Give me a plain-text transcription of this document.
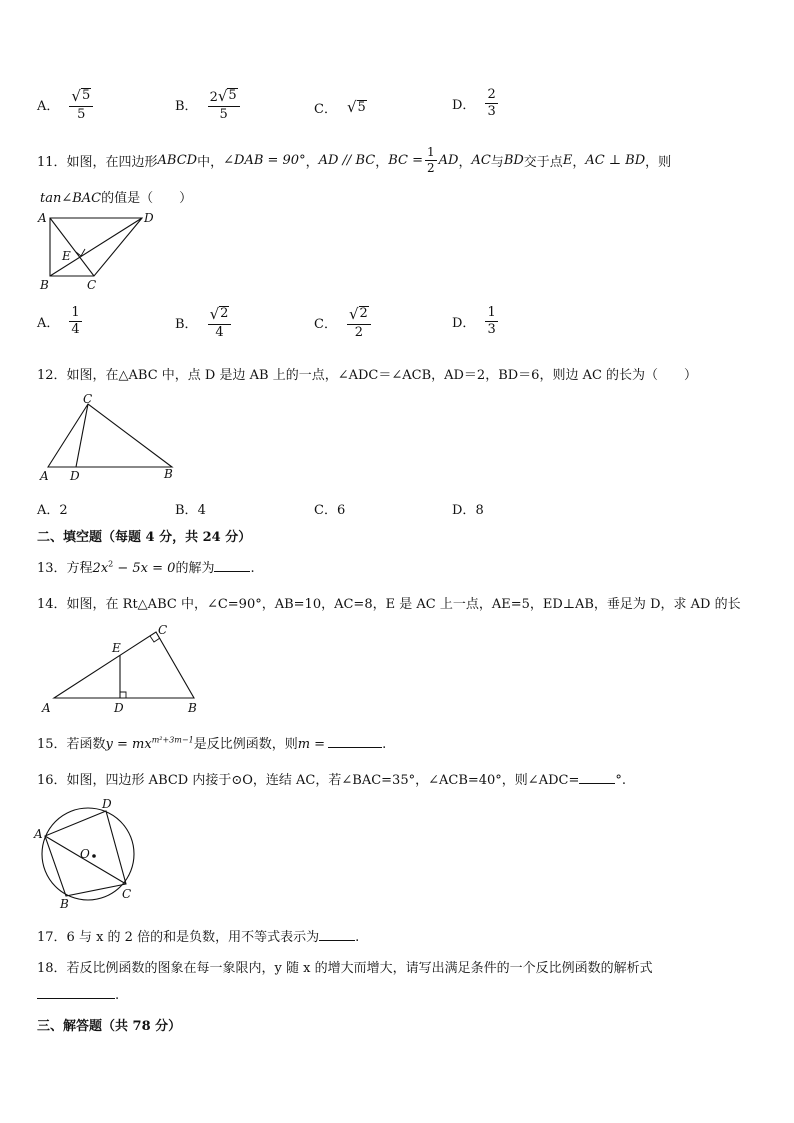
A． $\frac{√ 5}{5}$	B． $\frac{2 √ 5}{5}$	C． √ 5	D． $\frac{2}{3}$
11．如图，在四边形 ABCD 中， ∠DAB = 90° ， AD // BC ， BC = $\frac{1}{2}$ AD ， AC 与 BD 交于点 E ， AC ⊥ BD ，则
tan∠BAC的值是（　　）
A	D
E
B	C
A． $\frac{1}{4}$	B． $\frac{√ 2}{4}$	C． $\frac{√ 2}{2}$	D． $\frac{1}{3}$
12．如图，在△ABC 中，点 D 是边 AB 上的一点，∠ADC＝∠ACB，AD＝2，BD＝6，则边 AC 的长为（　　）
C
A D	B
A．2	B．4	C．6	D．8
二、填空题（每题 4 分，共 24 分）
13．方程$2x^2 - 5x = 0$的解为	.
14．如图，在 Rt△ABC 中，∠C=90°，AB=10，AC=8，E 是 AC 上一点，AE=5，ED⊥AB，垂足为 D，求 AD 的长
C
E
A	D	B
15．若函数$y = mx^{m^2+3m-1}$是反比例函数，则m =	.
16．如图，四边形 ABCD 内接于⊙O，连结 AC，若∠BAC=35°，∠ACB=40°，则∠ADC=	°.
D
A
O
C
B
17．6 与 x 的 2 倍的和是负数，用不等式表示为	.
18．若反比例函数的图象在每一象限内，y 随 x 的增大而增大，请写出满足条件的一个反比例函数的解析式
.
三、解答题（共 78 分）
